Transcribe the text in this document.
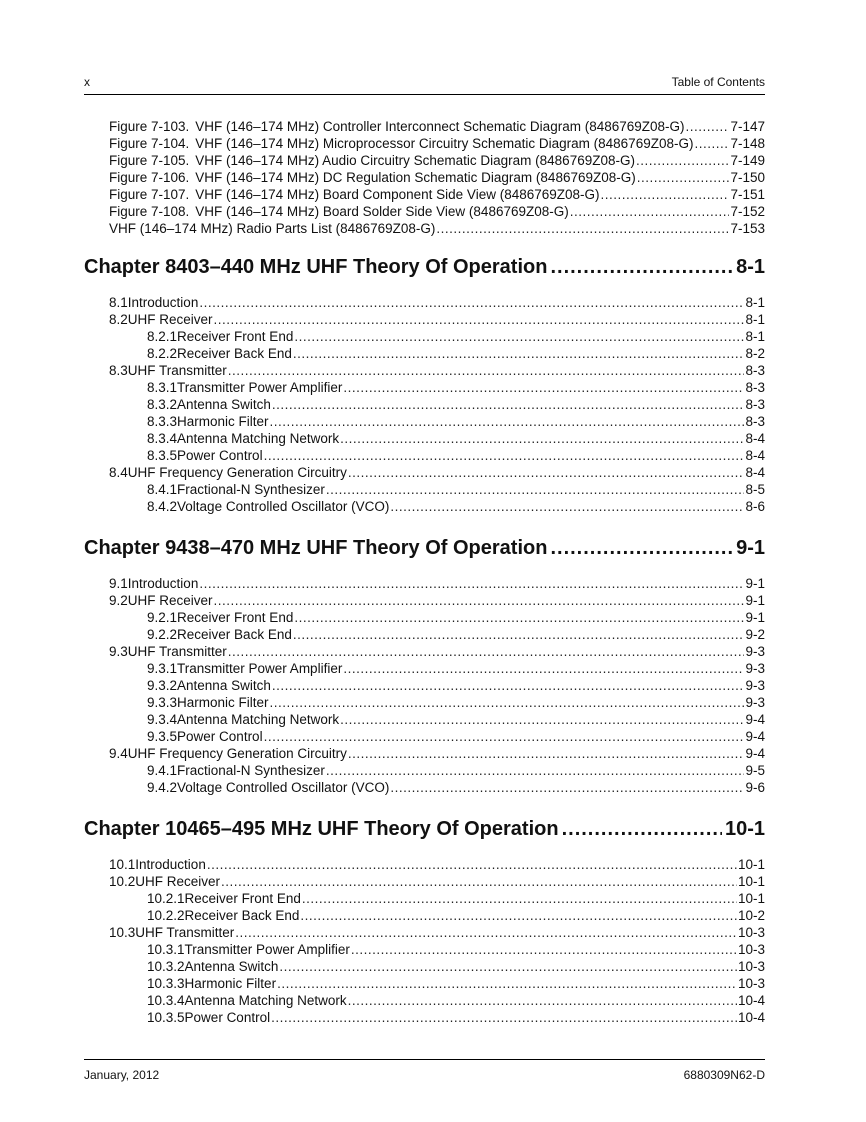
x	Table of Contents
Figure 7-103. VHF (146–174 MHz) Controller Interconnect Schematic Diagram (8486769Z08-G) .....	7-147
Figure 7-104. VHF (146–174 MHz) Microprocessor Circuitry Schematic Diagram (8486769Z08-G) .....	7-148
Figure 7-105. VHF (146–174 MHz) Audio Circuitry Schematic Diagram (8486769Z08-G) .....	7-149
Figure 7-106. VHF (146–174 MHz) DC Regulation Schematic Diagram (8486769Z08-G) .....	7-150
Figure 7-107. VHF (146–174 MHz) Board Component Side View (8486769Z08-G) .....	7-151
Figure 7-108. VHF (146–174 MHz) Board Solder Side View (8486769Z08-G) .....	7-152
VHF (146–174 MHz) Radio Parts List (8486769Z08-G) .....	7-153
Chapter 8 403–440 MHz UHF Theory Of Operation .....	8-1
8.1 Introduction .....	8-1
8.2 UHF Receiver .....	8-1
8.2.1 Receiver Front End .....	8-1
8.2.2 Receiver Back End .....	8-2
8.3 UHF Transmitter .....	8-3
8.3.1 Transmitter Power Amplifier .....	8-3
8.3.2 Antenna Switch .....	8-3
8.3.3 Harmonic Filter .....	8-3
8.3.4 Antenna Matching Network .....	8-4
8.3.5 Power Control .....	8-4
8.4 UHF Frequency Generation Circuitry .....	8-4
8.4.1 Fractional-N Synthesizer .....	8-5
8.4.2 Voltage Controlled Oscillator (VCO) .....	8-6
Chapter 9 438–470 MHz UHF Theory Of Operation .....	9-1
9.1 Introduction .....	9-1
9.2 UHF Receiver .....	9-1
9.2.1 Receiver Front End .....	9-1
9.2.2 Receiver Back End .....	9-2
9.3 UHF Transmitter .....	9-3
9.3.1 Transmitter Power Amplifier .....	9-3
9.3.2 Antenna Switch .....	9-3
9.3.3 Harmonic Filter .....	9-3
9.3.4 Antenna Matching Network .....	9-4
9.3.5 Power Control .....	9-4
9.4 UHF Frequency Generation Circuitry .....	9-4
9.4.1 Fractional-N Synthesizer .....	9-5
9.4.2 Voltage Controlled Oscillator (VCO) .....	9-6
Chapter 10 465–495 MHz UHF Theory Of Operation .....	10-1
10.1 Introduction .....	10-1
10.2 UHF Receiver .....	10-1
10.2.1 Receiver Front End .....	10-1
10.2.2 Receiver Back End .....	10-2
10.3 UHF Transmitter .....	10-3
10.3.1 Transmitter Power Amplifier .....	10-3
10.3.2 Antenna Switch .....	10-3
10.3.3 Harmonic Filter .....	10-3
10.3.4 Antenna Matching Network .....	10-4
10.3.5 Power Control .....	10-4
January, 2012	6880309N62-D
